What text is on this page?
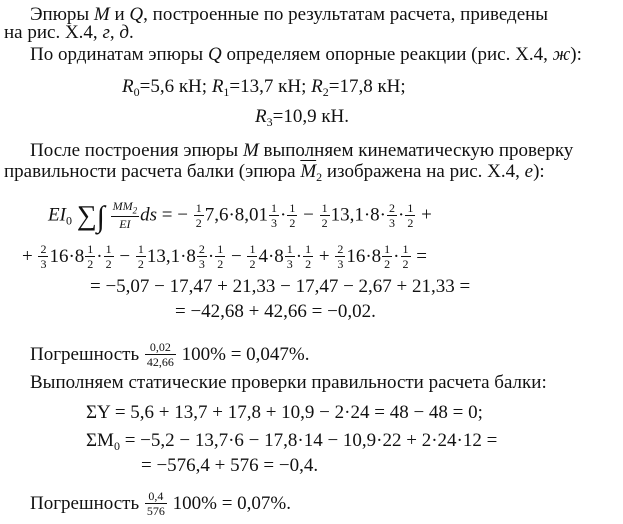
Эпюры M и Q, построенные по результатам расчета, приведены
на рис. X.4, г, д.
По ординатам эпюры Q определяем опорные реакции (рис. X.4, ж):
$R_0=5,6$ кН; $R_1=13,7$ кН; $R_2=17,8$ кН;
$R_3=10,9$ кН.
После построения эпюры M выполняем кинематическую проверку
правильности расчета балки (эпюра $\overline{M}_2$ изображена на рис. X.4, е):
$EI_0$ ∑∫ $\frac{MM_2}{EI}$ ds = − $\frac{1}{2} 7,6\cdot 8,01 \frac{1}{3} \cdot \frac{1}{2} - \frac{1}{2} 13,1\cdot 8\cdot \frac{2}{3} \cdot \frac{1}{2}$ +
+ $\frac{2}{3} 16\cdot 8 \frac{1}{2} \cdot \frac{1}{2} - \frac{1}{2} 13,1\cdot 8 \frac{2}{3} \cdot \frac{1}{2} - \frac{1}{2} 4\cdot 8 \frac{1}{3} \cdot \frac{1}{2} + \frac{2}{3} 16\cdot 8 \frac{1}{2} \cdot \frac{1}{2}$ =
= −5,07 − 17,47 + 21,33 − 17,47 − 2,67 + 21,33 =
= −42,68 + 42,66 = −0,02.
Погрешность $\frac{0,02}{42,66} 100\% = 0,047\%$.
Выполняем статические проверки правильности расчета балки:
ΣY = 5,6 + 13,7 + 17,8 + 10,9 − 2·24 = 48 − 48 = 0;
$\Sigma M_0 = -5,2 - 13,7\cdot 6 - 17,8\cdot 14 - 10,9\cdot 22 + 2\cdot 24\cdot 12$ =
= −576,4 + 576 = −0,4.
Погрешность $\frac{0,4}{576} 100\% = 0,07\%$.
